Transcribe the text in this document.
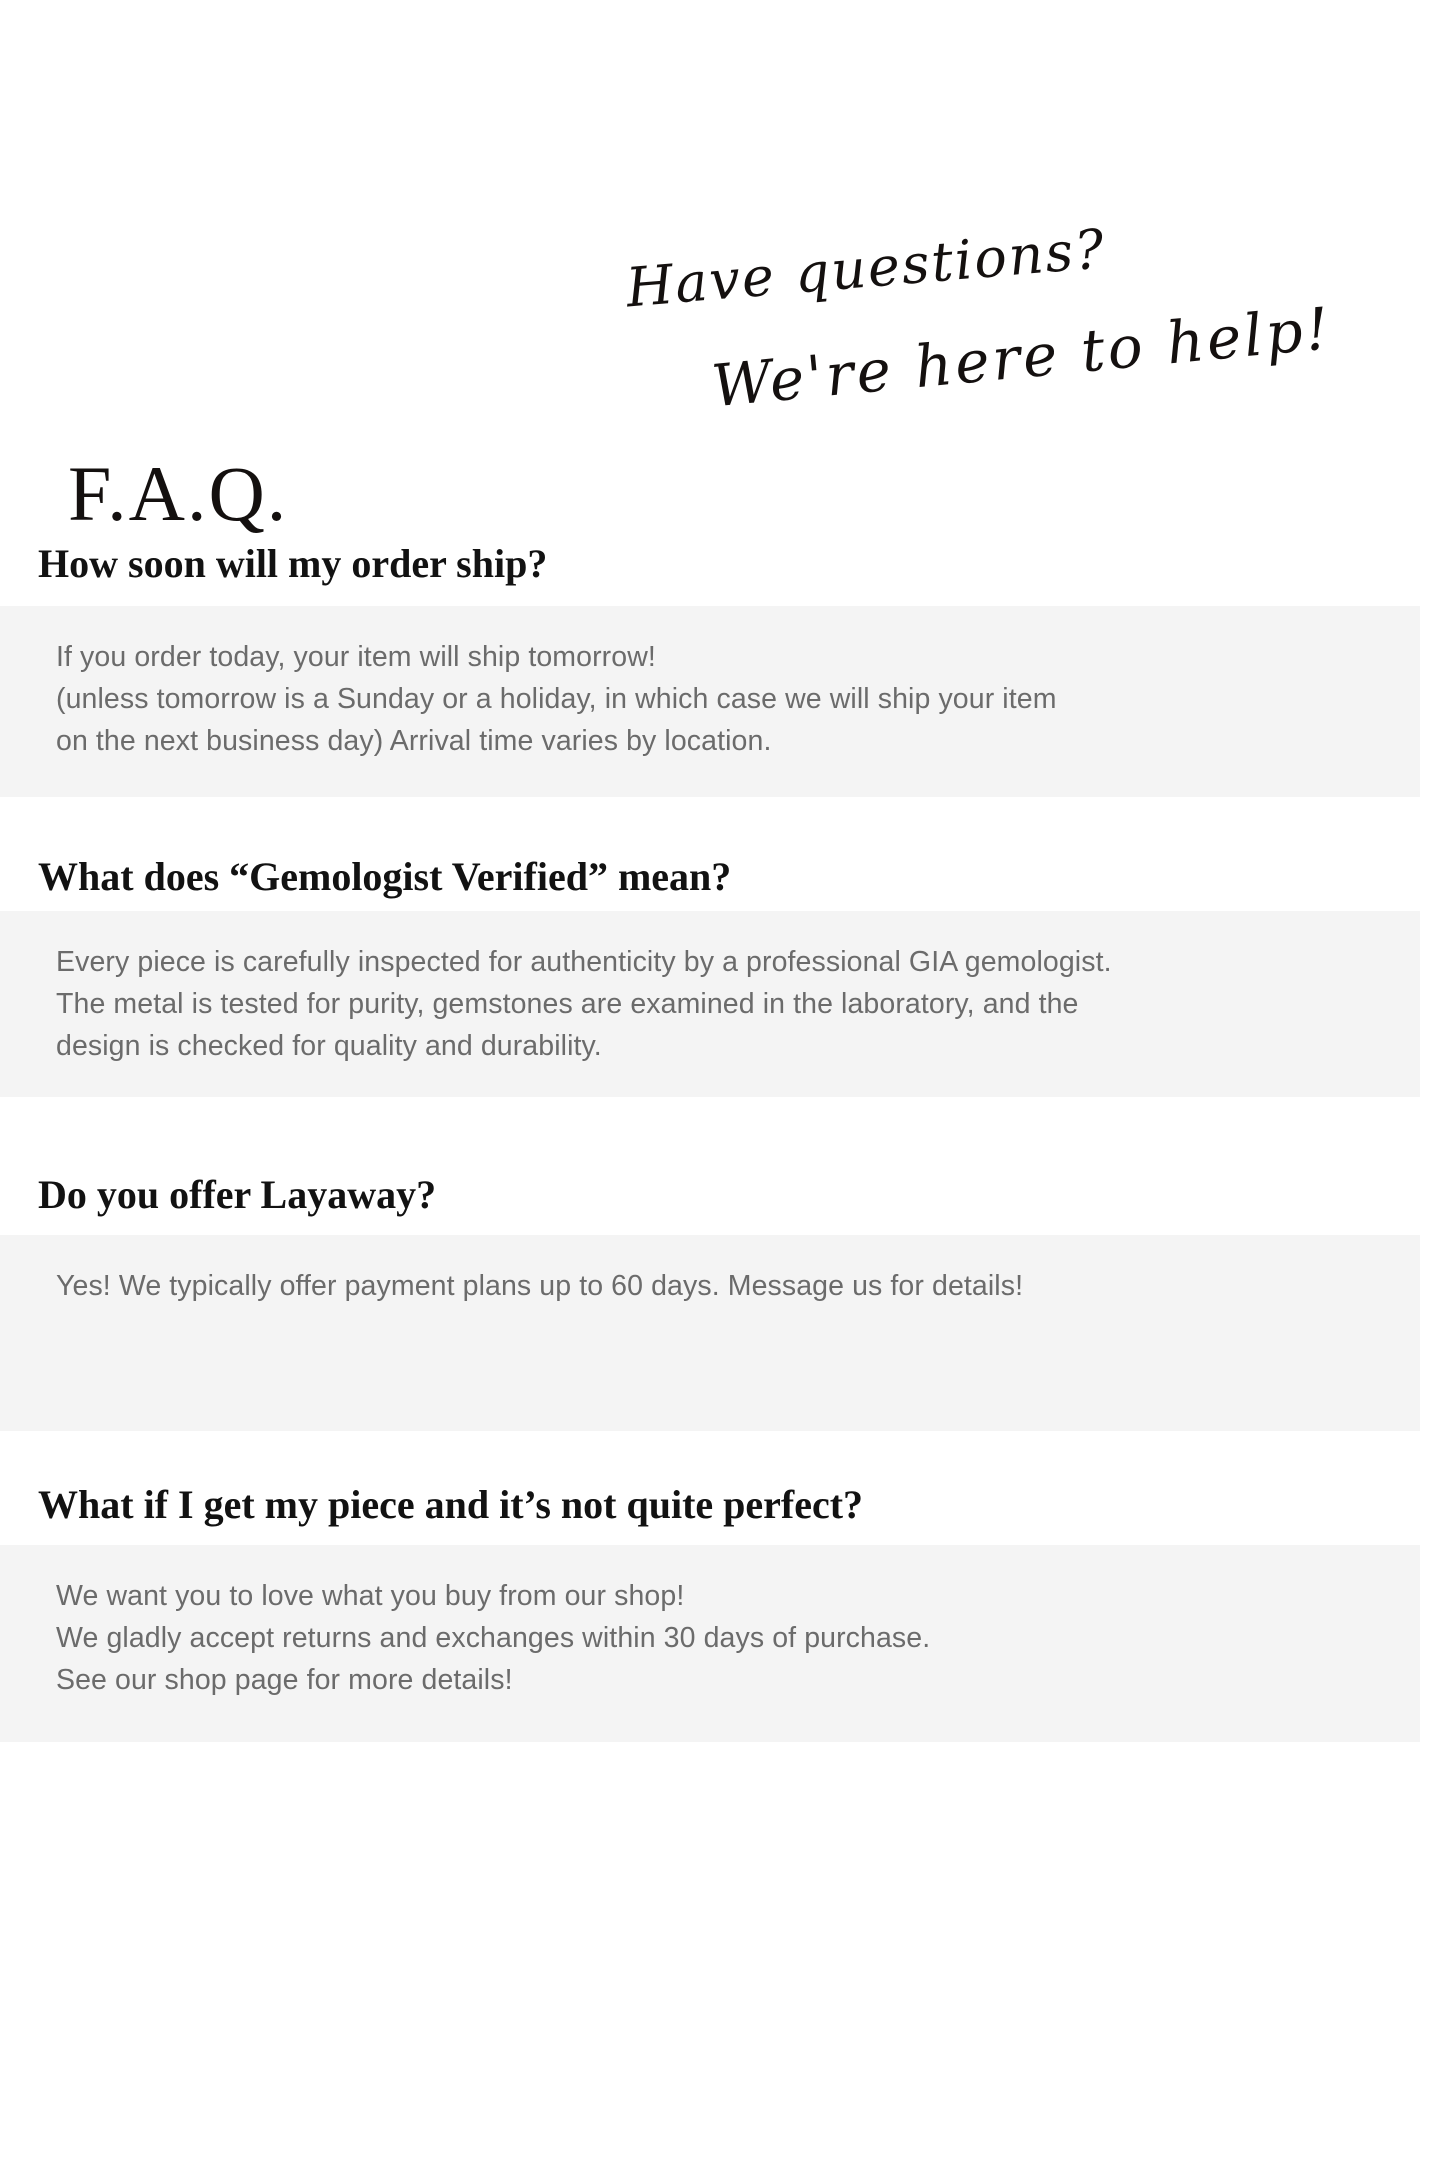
F.A.Q.
Have questions?
We're here to help!
How soon will my order ship?

If you order today, your item will ship tomorrow!

(unless tomorrow is a Sunday or a holiday, in which case we will ship your item

on the next business day) Arrival time varies by location.

What does “Gemologist Verified” mean?

Every piece is carefully inspected for authenticity by a professional GIA gemologist.

The metal is tested for purity, gemstones are examined in the laboratory, and the

design is checked for quality and durability.

Do you offer Layaway?

Yes! We typically offer payment plans up to 60 days. Message us for details!

What if I get my piece and it’s not quite perfect?

We want you to love what you buy from our shop!

We gladly accept returns and exchanges within 30 days of purchase.

See our shop page for more details!
